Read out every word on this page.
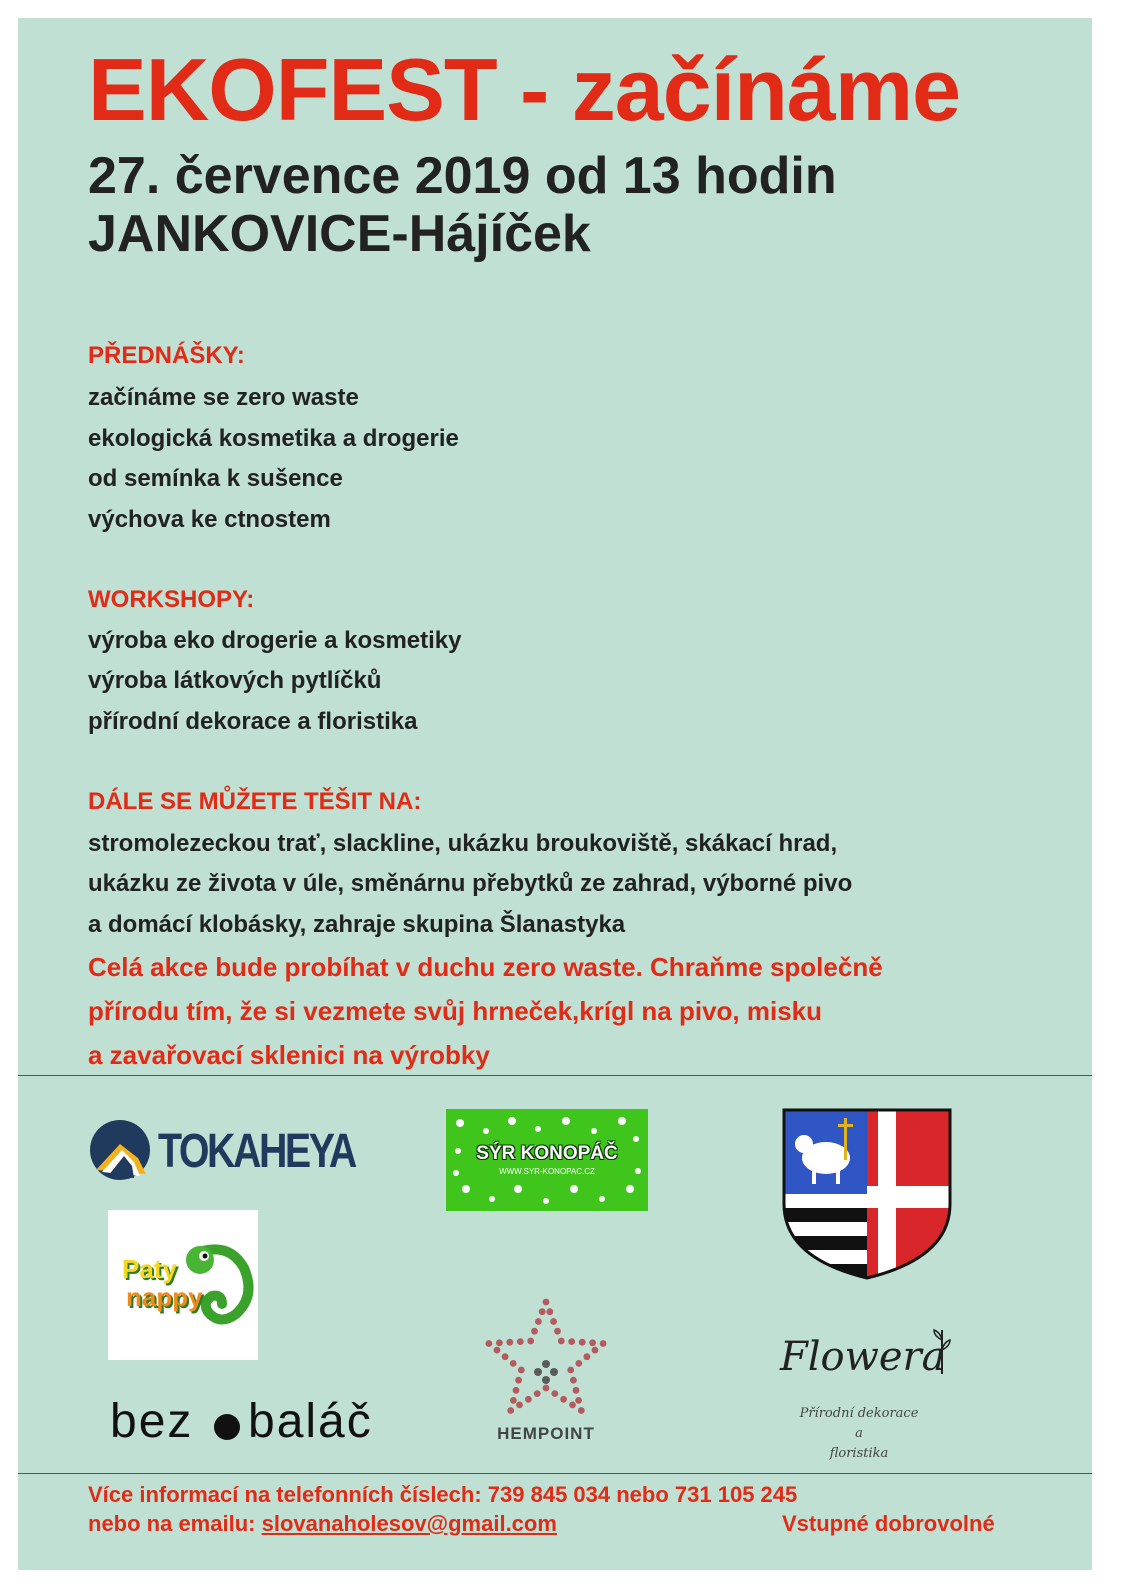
EKOFEST - začínáme
27. července 2019 od 13 hodin
JANKOVICE-Hájíček
PŘEDNÁŠKY:
začínáme se zero waste
ekologická kosmetika a drogerie
od semínka k sušence
výchova ke ctnostem
WORKSHOPY:
výroba eko drogerie a kosmetiky
výroba látkových pytlíčků
přírodní dekorace a floristika
DÁLE SE MŮŽETE TĚŠIT NA:
stromolezeckou trať, slackline, ukázku broukoviště, skákací hrad,
ukázku ze života v úle, směnárnu přebytků ze zahrad, výborné pivo
a domácí klobásky, zahraje skupina Šlanastyka
Celá akce bude probíhat v duchu zero waste. Chraňme společně
přírodu tím, že si vezmete svůj hrneček,krígl na pivo, misku
a zavařovací sklenici na výrobky
TOKAHEYA	SÝR KONOPÁČ
WWW.SYR-KONOPAC.CZ
Paty
nappy
HEMPOINT
bez baláč
Flowera
Přírodní dekorace
a
floristika
Více informací na telefonních číslech: 739 845 034 nebo 731 105 245
nebo na emailu: slovanaholesov@gmail.com	Vstupné dobrovolné
